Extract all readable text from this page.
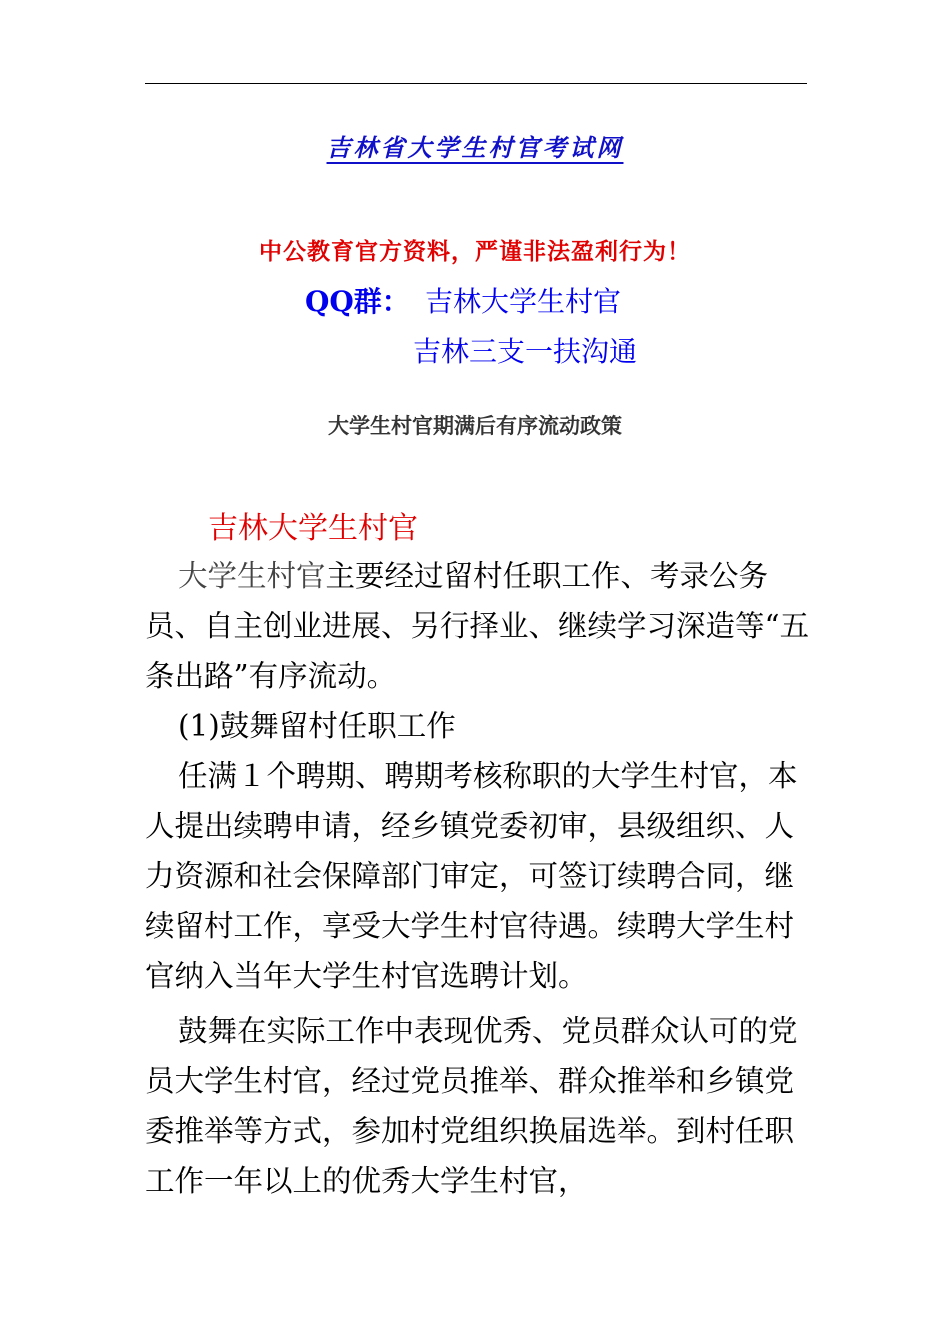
吉林省大学生村官考试网
中公教育官方资料，严谨非法盈利行为！
QQ群： 吉林大学生村官
吉林三支一扶沟通
大学生村官期满后有序流动政策
吉林大学生村官

大学生村官主要经过留村任职工作、考录公务员、自主创业进展、另行择业、继续学习深造等“五条出路”有序流动。

(1)鼓舞留村任职工作

任满１个聘期、聘期考核称职的大学生村官，本人提出续聘申请，经乡镇党委初审，县级组织、人力资源和社会保障部门审定，可签订续聘合同，继续留村工作，享受大学生村官待遇。续聘大学生村官纳入当年大学生村官选聘计划。

鼓舞在实际工作中表现优秀、党员群众认可的党员大学生村官，经过党员推举、群众推举和乡镇党委推举等方式，参加村党组织换届选举。到村任职工作一年以上的优秀大学生村官，
